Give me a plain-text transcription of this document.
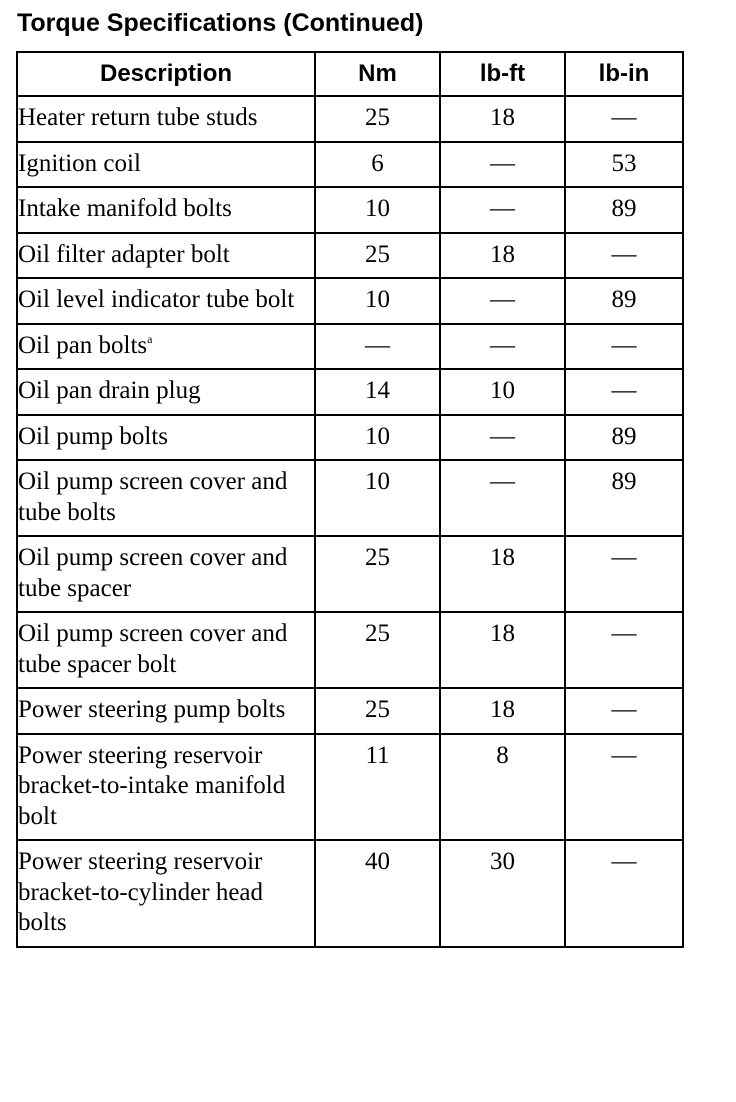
Torque Specifications (Continued)
Description	Nm	lb-ft	lb-in
Heater return tube studs	25	18	—
Ignition coil	6	—	53
Intake manifold bolts	10	—	89
Oil filter adapter bolt	25	18	—
Oil level indicator tube bolt	10	—	89
Oil pan bolts$^a$	—	—	—
Oil pan drain plug	14	10	—
Oil pump bolts	10	—	89
Oil pump screen cover and tube bolts	10	—	89
Oil pump screen cover and tube spacer	25	18	—
Oil pump screen cover and tube spacer bolt	25	18	—
Power steering pump bolts	25	18	—
Power steering reservoir bracket-to-intake manifold bolt	11	8	—
Power steering reservoir bracket-to-cylinder head bolts	40	30	—
